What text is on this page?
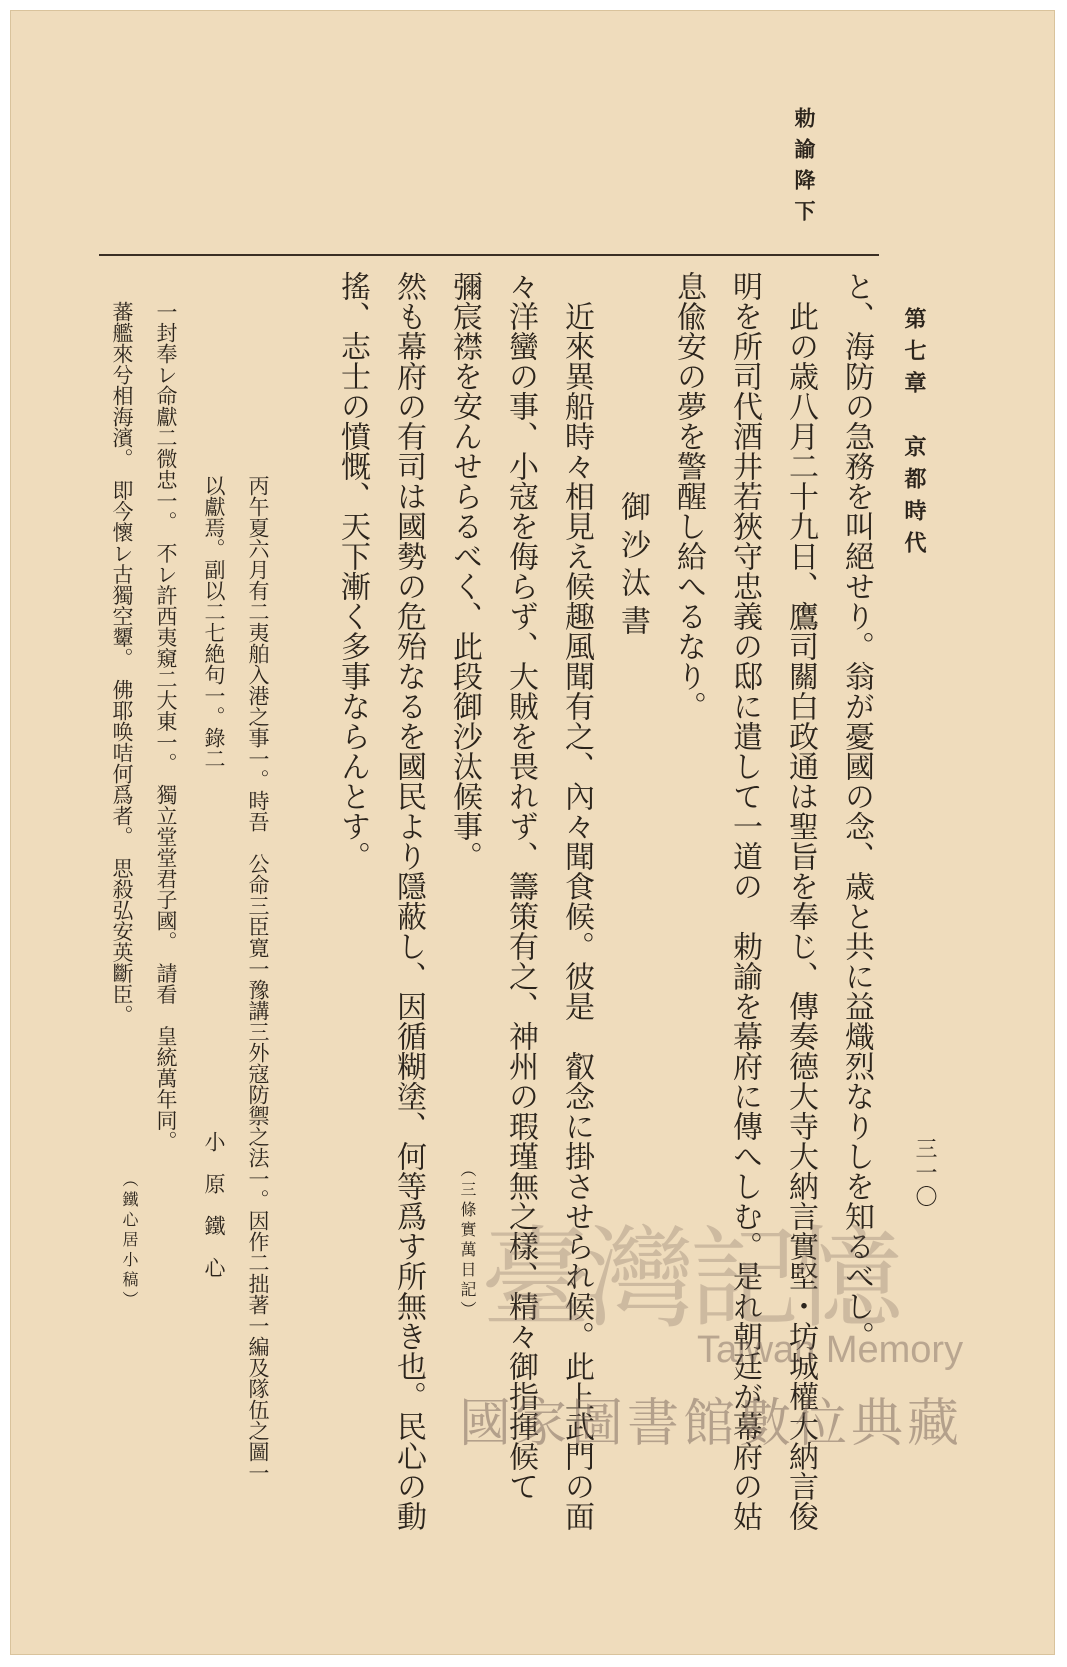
勅諭降下
第七章　京都時代
三一〇
と、海防の急務を叫絕せり。翁が憂國の念、歳と共に益熾烈なりしを知るべし。
此の歳八月二十九日、鷹司關白政通は聖旨を奉じ、傳奏德大寺大納言實堅・坊城權大納言俊
明を所司代酒井若狹守忠義の邸に遣して一道の　勅諭を幕府に傳へしむ。是れ朝廷が幕府の姑
息偸安の夢を警醒し給へるなり。
御沙汰書
近來異船時々相見え候趣風聞有之、內々聞食候。彼是　叡念に掛させられ候。此上武門の面
々洋蠻の事、小寇を侮らず、大賊を畏れず、籌策有之、神州の瑕瑾無之樣、精々御指揮候て
彌宸襟を安んせらるべく、此段御沙汰候事。
（三條實萬日記）
然も幕府の有司は國勢の危殆なるを國民より隱蔽し、因循糊塗、何等爲す所無き也。民心の動
搖、志士の憤慨、天下漸く多事ならんとす。
丙午夏六月有二夷舶入港之事一。時吾　公命三臣寛一豫講三外寇防禦之法一。因作二拙著一編及隊伍之圖一
以獻焉。副以二七絶句一。錄二
小　原　鐵　心
一封奉レ命獻二微忠一。　不レ許西夷窺二大東一。　獨立堂堂君子國。　請看　皇統萬年同。
蕃艦來兮相海濱。　即今懷レ古獨空顰。　佛耶唤咭何爲者。　思殺弘安英斷臣。
（鐵心居小稿）	臺灣記憶
Taiwan Memory
國家圖書館數位典藏
